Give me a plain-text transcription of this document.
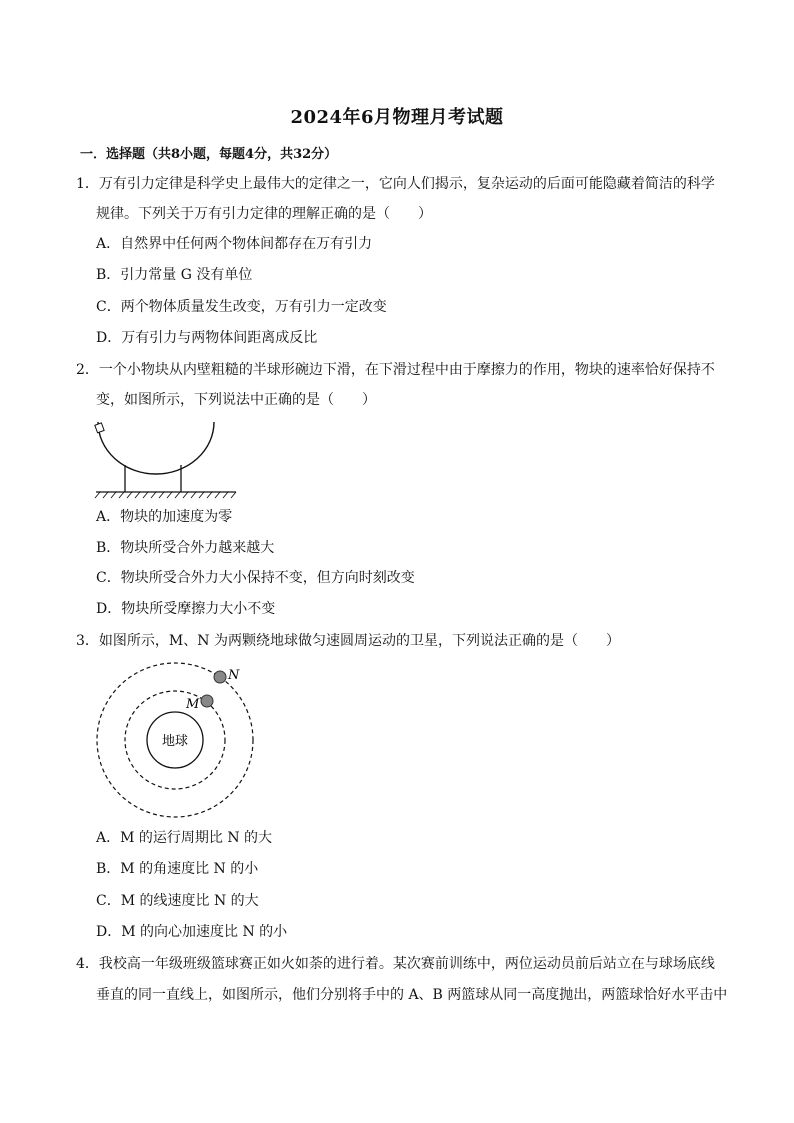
2024年6月物理月考试题
一．选择题（共8小题，每题4分，共32分）
1．万有引力定律是科学史上最伟大的定律之一，它向人们揭示，复杂运动的后面可能隐藏着简洁的科学
规律。下列关于万有引力定律的理解正确的是（　　）
A．自然界中任何两个物体间都存在万有引力
B．引力常量 G 没有单位
C．两个物体质量发生改变，万有引力一定改变
D．万有引力与两物体间距离成反比
2．一个小物块从内壁粗糙的半球形碗边下滑，在下滑过程中由于摩擦力的作用，物块的速率恰好保持不
变，如图所示，下列说法中正确的是（　　）
A．物块的加速度为零
B．物块所受合外力越来越大
C．物块所受合外力大小保持不变，但方向时刻改变
D．物块所受摩擦力大小不变
3．如图所示，M、N 为两颗绕地球做匀速圆周运动的卫星，下列说法正确的是（　　）
地球
M
N
A．M 的运行周期比 N 的大
B．M 的角速度比 N 的小
C．M 的线速度比 N 的大
D．M 的向心加速度比 N 的小
4．我校高一年级班级篮球赛正如火如荼的进行着。某次赛前训练中，两位运动员前后站立在与球场底线
垂直的同一直线上，如图所示，他们分别将手中的 A、B 两篮球从同一高度抛出，两篮球恰好水平击中
